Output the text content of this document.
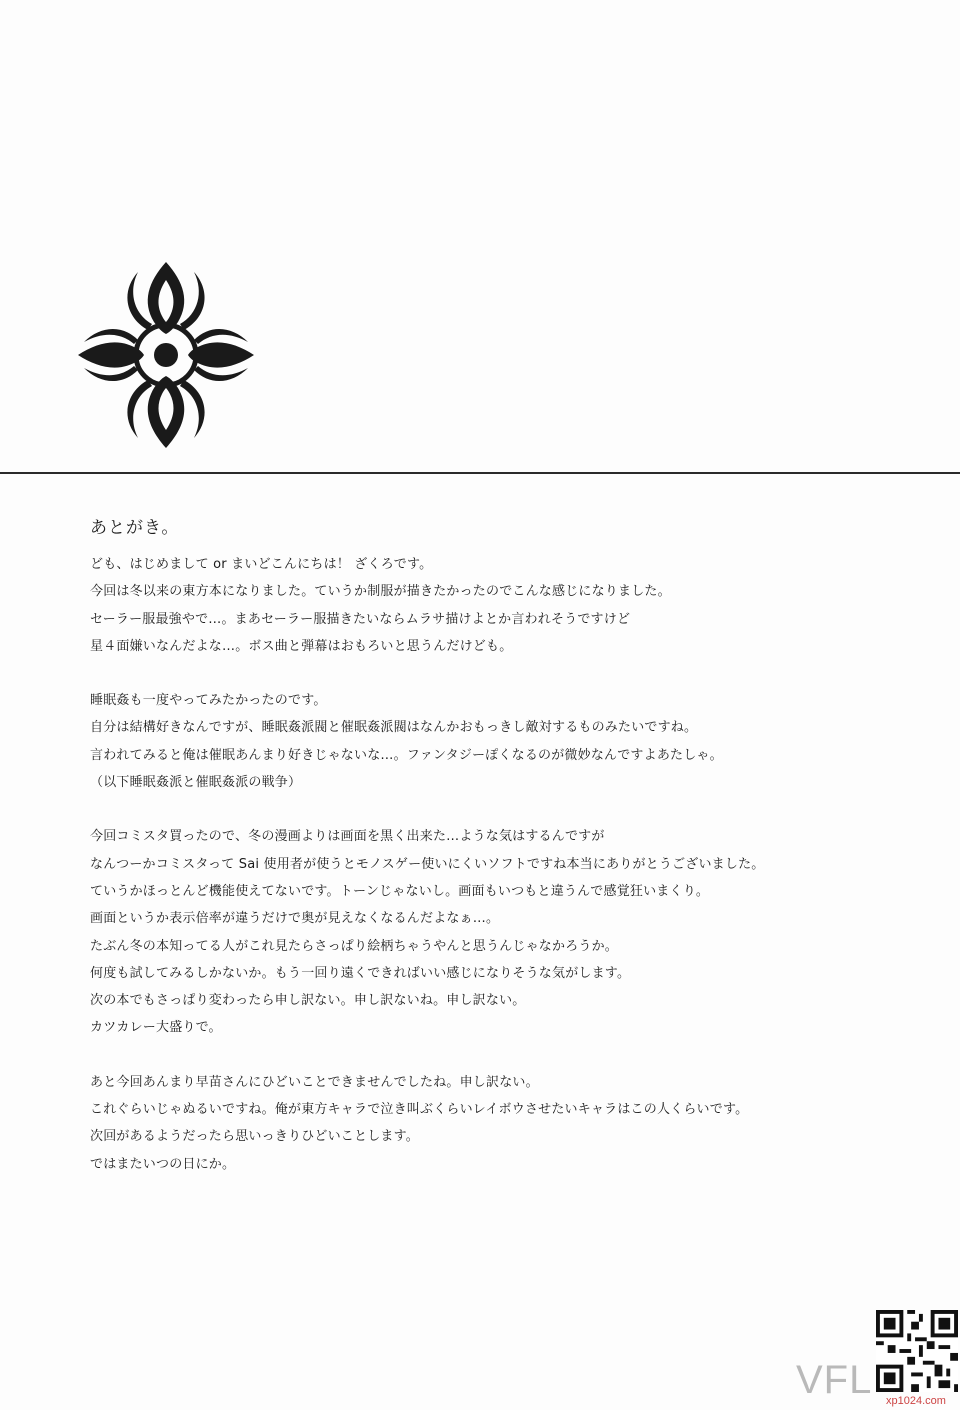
あとがき。
ども、はじめまして or まいどこんにちは！ ざくろです。
今回は冬以来の東方本になりました。ていうか制服が描きたかったのでこんな感じになりました。
セーラー服最強やで…。まあセーラー服描きたいならムラサ描けよとか言われそうですけど
星４面嫌いなんだよな…。ボス曲と弾幕はおもろいと思うんだけども。
睡眠姦も一度やってみたかったのです。
自分は結構好きなんですが、睡眠姦派閥と催眠姦派閥はなんかおもっきし敵対するものみたいですね。
言われてみると俺は催眠あんまり好きじゃないな…。ファンタジーぽくなるのが微妙なんですよあたしゃ。
（以下睡眠姦派と催眠姦派の戦争）
今回コミスタ買ったので、冬の漫画よりは画面を黒く出来た…ような気はするんですが
なんつーかコミスタって Sai 使用者が使うとモノスゲー使いにくいソフトですね本当にありがとうございました。
ていうかほっとんど機能使えてないです。トーンじゃないし。画面もいつもと違うんで感覚狂いまくり。
画面というか表示倍率が違うだけで奥が見えなくなるんだよなぁ…。
たぶん冬の本知ってる人がこれ見たらさっぱり絵柄ちゃうやんと思うんじゃなかろうか。
何度も試してみるしかないか。もう一回り遠くできればいい感じになりそうな気がします。
次の本でもさっぱり変わったら申し訳ない。申し訳ないね。申し訳ない。
カツカレー大盛りで。
あと今回あんまり早苗さんにひどいことできませんでしたね。申し訳ない。
これぐらいじゃぬるいですね。俺が東方キャラで泣き叫ぶくらいレイボウさせたいキャラはこの人くらいです。
次回があるようだったら思いっきりひどいことします。
ではまたいつの日にか。
VFL	xp1024.com
